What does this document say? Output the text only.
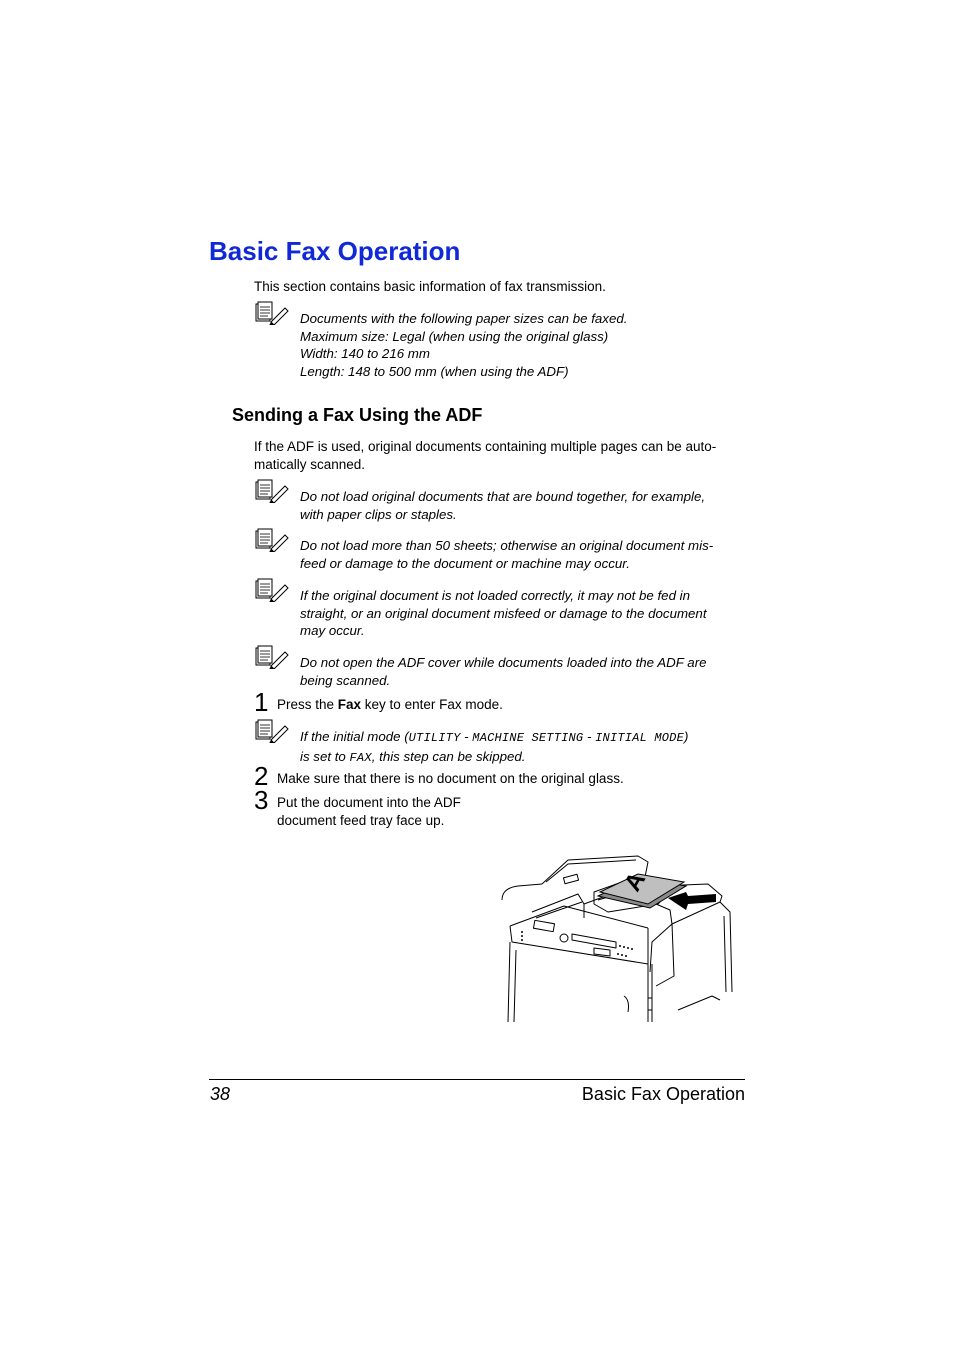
Basic Fax Operation
This section contains basic information of fax transmission.
Documents with the following paper sizes can be faxed.
Maximum size: Legal (when using the original glass)
Width: 140 to 216 mm
Length: 148 to 500 mm (when using the ADF)
Sending a Fax Using the ADF
If the ADF is used, original documents containing multiple pages can be auto-
matically scanned.
Do not load original documents that are bound together, for example,
with paper clips or staples.
Do not load more than 50 sheets; otherwise an original document mis-
feed or damage to the document or machine may occur.
If the original document is not loaded correctly, it may not be fed in
straight, or an original document misfeed or damage to the document
may occur.
Do not open the ADF cover while documents loaded into the ADF are
being scanned.
1 Press the Fax key to enter Fax mode.
If the initial mode (UTILITY - MACHINE SETTING - INITIAL MODE)
is set to FAX, this step can be skipped.
2 Make sure that there is no document on the original glass.
3 Put the document into the ADF
document feed tray face up.
A
38	Basic Fax Operation
